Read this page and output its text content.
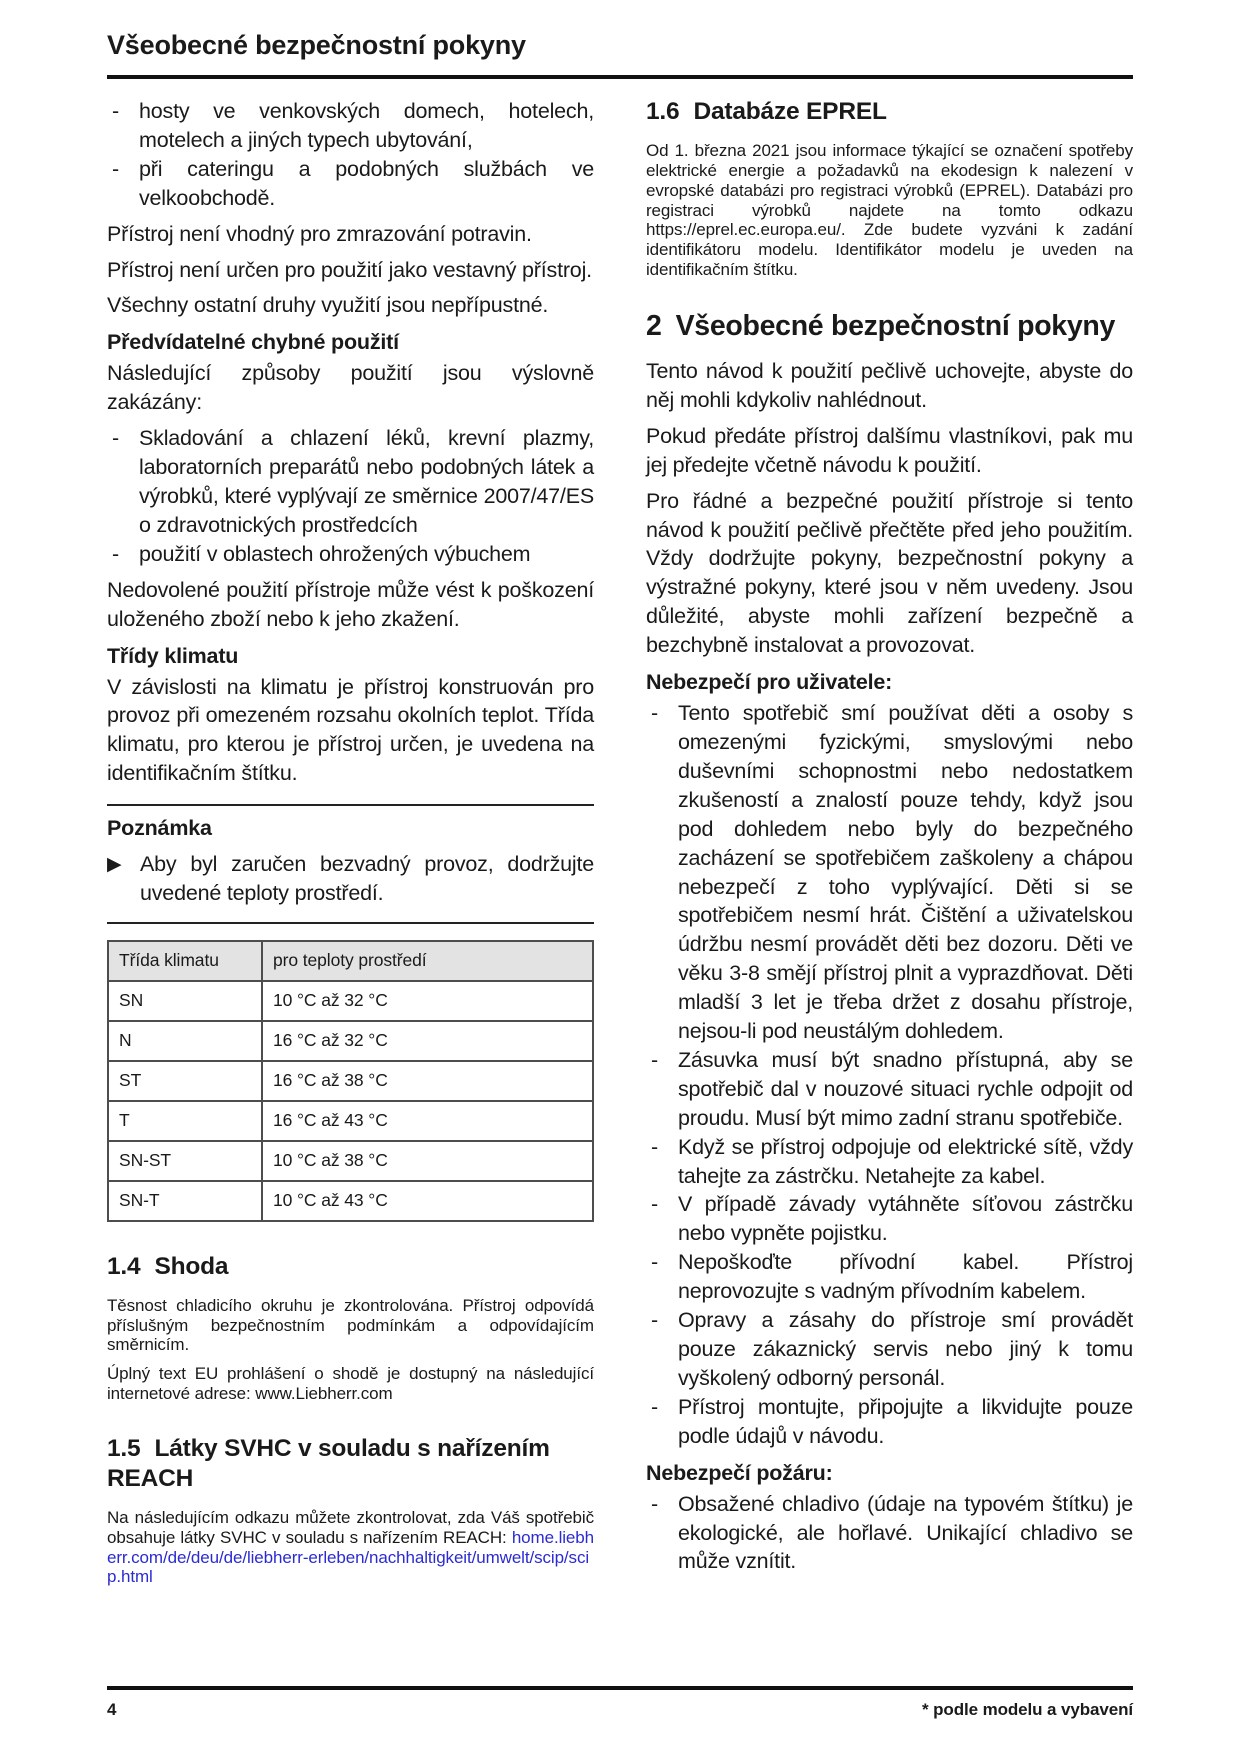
Všeobecné bezpečnostní pokyny
- hosty ve venkovských domech, hotelech, motelech a jiných typech ubytování,
- při cateringu a podobných službách ve velkoobchodě.

Přístroj není vhodný pro zmrazování potravin.

Přístroj není určen pro použití jako vestavný přístroj.

Všechny ostatní druhy využití jsou nepřípustné.

Předvídatelné chybné použití

Následující způsoby použití jsou výslovně zakázány:

- Skladování a chlazení léků, krevní plazmy, laboratorních preparátů nebo podobných látek a výrobků, které vyplývají ze směrnice 2007/47/ES o zdravotnických prostředcích
- použití v oblastech ohrožených výbuchem

Nedovolené použití přístroje může vést k poškození uloženého zboží nebo k jeho zkažení.

Třídy klimatu

V závislosti na klimatu je přístroj konstruován pro provoz při omezeném rozsahu okolních teplot. Třída klimatu, pro kterou je přístroj určen, je uvedena na identifikačním štítku.

Poznámka

▶ Aby byl zaručen bezvadný provoz, dodržujte uvedené teploty prostředí.
Třída klimatu	pro teploty prostředí
SN	10 °C až 32 °C
N	16 °C až 32 °C
ST	16 °C až 38 °C
T	16 °C až 43 °C
SN-ST	10 °C až 38 °C
SN-T	10 °C až 43 °C
1.4 Shoda

Těsnost chladicího okruhu je zkontrolována. Přístroj odpovídá příslušným bezpečnostním podmínkám a odpovídajícím směrnicím.

Úplný text EU prohlášení o shodě je dostupný na následující internetové adrese: www.Liebherr.com

1.5 Látky SVHC v souladu s nařízením REACH

Na následujícím odkazu můžete zkontrolovat, zda Váš spotřebič obsahuje látky SVHC v souladu s nařízením REACH: home.liebherr.com/de/deu/de/liebherr-erleben/nachhaltigkeit/umwelt/scip/scip.html

1.6 Databáze EPREL

Od 1. března 2021 jsou informace týkající se označení spotřeby elektrické energie a požadavků na ekodesign k nalezení v evropské databázi pro registraci výrobků (EPREL). Databázi pro registraci výrobků najdete na tomto odkazu https://eprel.ec.europa.eu/. Zde budete vyzváni k zadání identifikátoru modelu. Identifikátor modelu je uveden na identifikačním štítku.

2 Všeobecné bezpečnostní pokyny

Tento návod k použití pečlivě uchovejte, abyste do něj mohli kdykoliv nahlédnout.

Pokud předáte přístroj dalšímu vlastníkovi, pak mu jej předejte včetně návodu k použití.

Pro řádné a bezpečné použití přístroje si tento návod k použití pečlivě přečtěte před jeho použitím. Vždy dodržujte pokyny, bezpečnostní pokyny a výstražné pokyny, které jsou v něm uvedeny. Jsou důležité, abyste mohli zařízení bezpečně a bezchybně instalovat a provozovat.

Nebezpečí pro uživatele:
- Tento spotřebič smí používat děti a osoby s omezenými fyzickými, smyslovými nebo duševními schopnostmi nebo nedostatkem zkušeností a znalostí pouze tehdy, když jsou pod dohledem nebo byly do bezpečného zacházení se spotřebičem zaškoleny a chápou nebezpečí z toho vyplývající. Děti si se spotřebičem nesmí hrát. Čištění a uživatelskou údržbu nesmí provádět děti bez dozoru. Děti ve věku 3-8 smějí přístroj plnit a vyprazdňovat. Děti mladší 3 let je třeba držet z dosahu přístroje, nejsou-li pod neustálým dohledem.
- Zásuvka musí být snadno přístupná, aby se spotřebič dal v nouzové situaci rychle odpojit od proudu. Musí být mimo zadní stranu spotřebiče.
- Když se přístroj odpojuje od elektrické sítě, vždy tahejte za zástrčku. Netahejte za kabel.
- V případě závady vytáhněte síťovou zástrčku nebo vypněte pojistku.
- Nepoškoďte přívodní kabel. Přístroj neprovozujte s vadným přívodním kabelem.
- Opravy a zásahy do přístroje smí provádět pouze zákaznický servis nebo jiný k tomu vyškolený odborný personál.
- Přístroj montujte, připojujte a likvidujte pouze podle údajů v návodu.
Nebezpečí požáru:
- Obsažené chladivo (údaje na typovém štítku) je ekologické, ale hořlavé. Unikající chladivo se může vznítit.
4	* podle modelu a vybavení
